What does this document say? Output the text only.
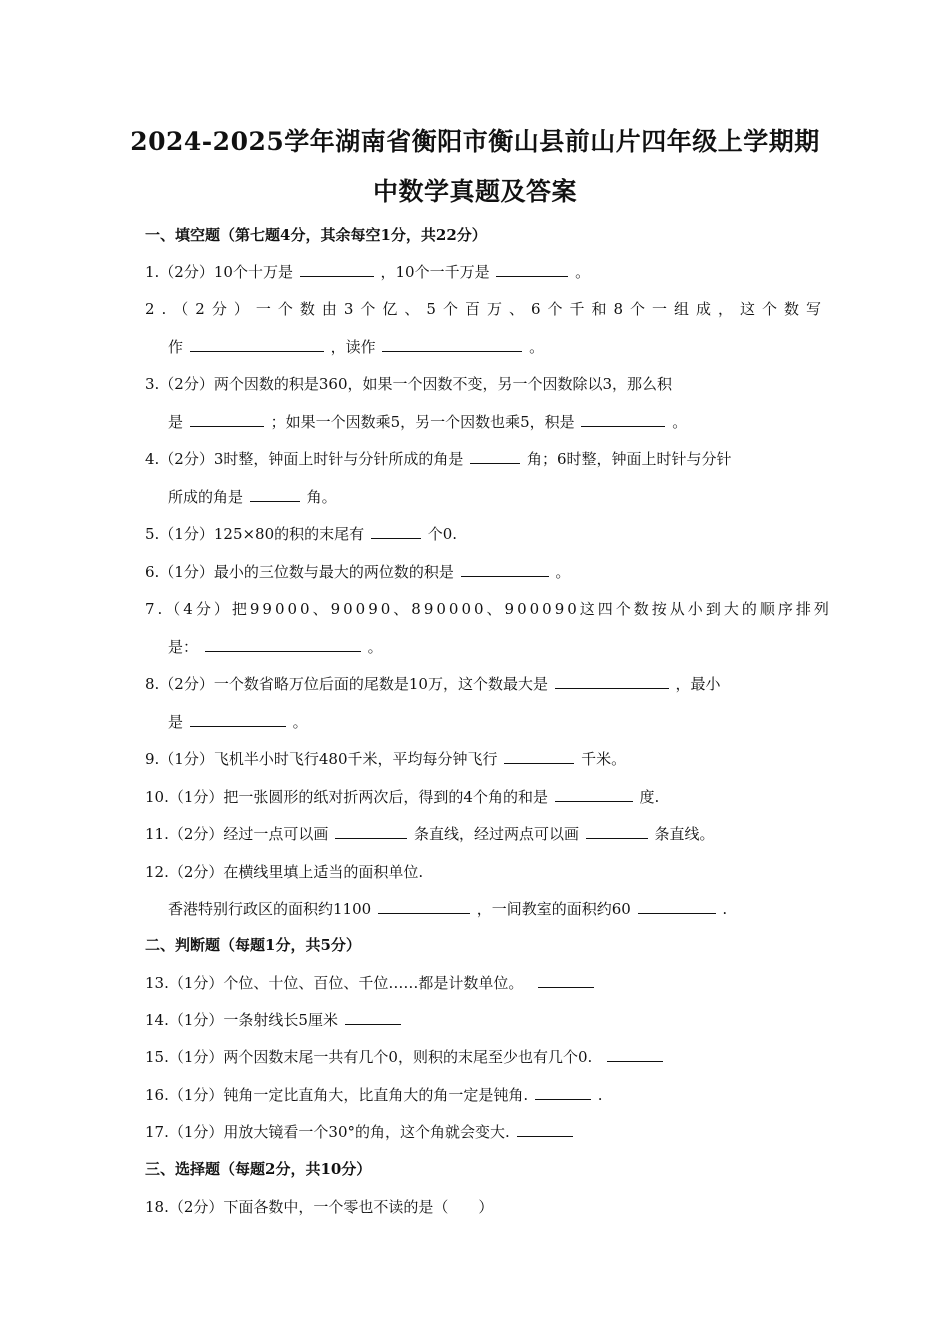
2024-2025学年湖南省衡阳市衡山县前山片四年级上学期期
中数学真题及答案
一、填空题（第七题4分，其余每空1分，共22分）
1.（2分）10个十万是	，10个一千万是	。
2.（2分）一个数由3个亿、5个百万、6个千和8个一组成，这个数写
作	，读作	。
3.（2分）两个因数的积是360，如果一个因数不变，另一个因数除以3，那么积
是	；如果一个因数乘5，另一个因数也乘5，积是	。
4.（2分）3时整，钟面上时针与分针所成的角是	角；6时整，钟面上时针与分针
所成的角是	角。
5.（1分）125×80的积的末尾有	个0.
6.（1分）最小的三位数与最大的两位数的积是	。
7.（4分）把99000、90090、890000、900090这四个数按从小到大的顺序排列
是：	。
8.（2分）一个数省略万位后面的尾数是10万，这个数最大是	，最小
是	。
9.（1分）飞机半小时飞行480千米，平均每分钟飞行	千米。
10.（1分）把一张圆形的纸对折两次后，得到的4个角的和是	度.
11.（2分）经过一点可以画	条直线，经过两点可以画	条直线。
12.（2分）在横线里填上适当的面积单位.
香港特别行政区的面积约1100	，一间教室的面积约60	.
二、判断题（每题1分，共5分）
13.（1分）个位、十位、百位、千位……都是计数单位。
14.（1分）一条射线长5厘米
15.（1分）两个因数末尾一共有几个0，则积的末尾至少也有几个0.
16.（1分）钝角一定比直角大，比直角大的角一定是钝角.	.
17.（1分）用放大镜看一个30°的角，这个角就会变大.
三、选择题（每题2分，共10分）
18.（2分）下面各数中，一个零也不读的是（　　）
